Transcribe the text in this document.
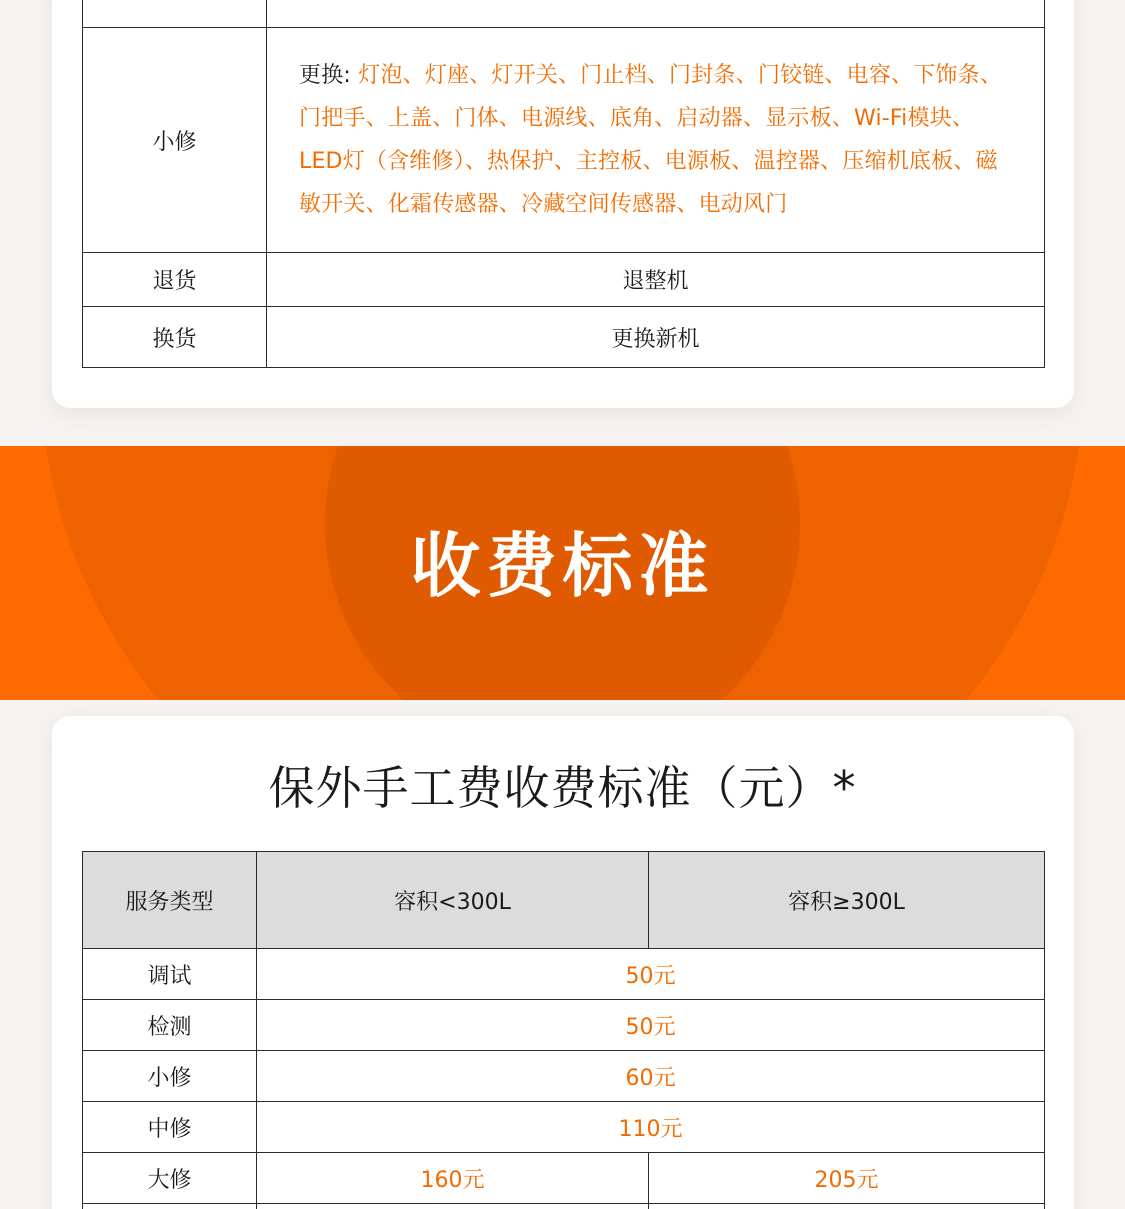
小修	更换: 灯泡、灯座、灯开关、门止档、门封条、门铰链、电容、下饰条、门把手、上盖、门体、电源线、底角、启动器、显示板、Wi-Fi模块、LED灯（含维修）、热保护、主控板、电源板、温控器、压缩机底板、磁敏开关、化霜传感器、冷藏空间传感器、电动风门
退货	退整机
换货	更换新机
收费标准
保外手工费收费标准（元）*
服务类型	容积<300L	容积≥300L
调试	50元	
检测	50元	
小修	60元	
中修	110元	
大修	160元	205元
